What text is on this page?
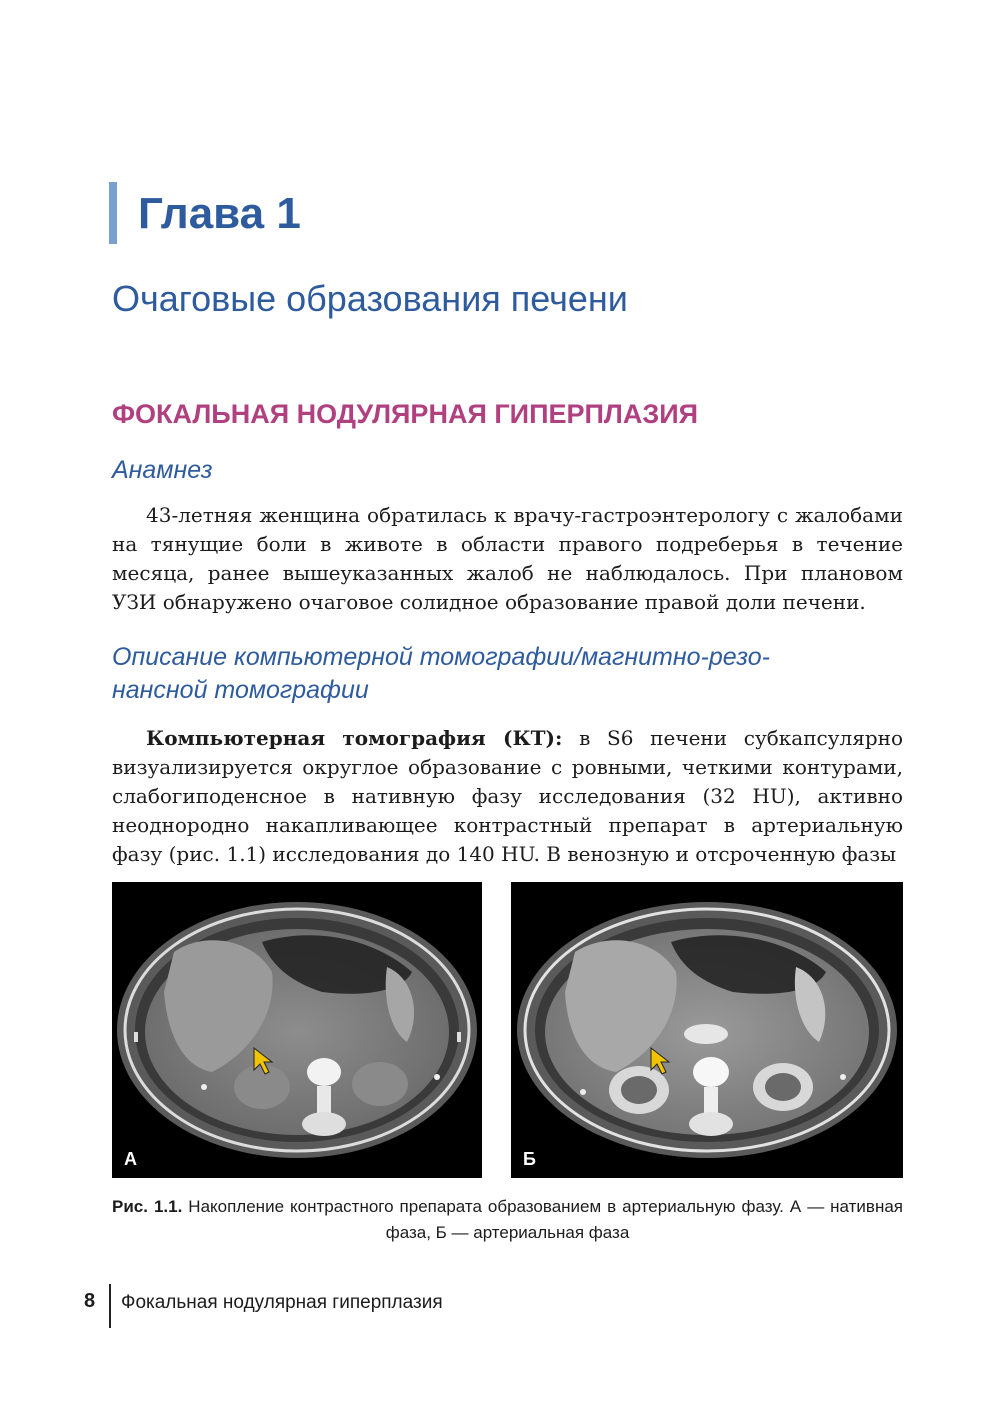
Глава 1
Очаговые образования печени
ФОКАЛЬНАЯ НОДУЛЯРНАЯ ГИПЕРПЛАЗИЯ
Анамнез

43-летняя женщина обратилась к врачу-гастроэнтерологу с жалобами на тянущие боли в животе в области правого подреберья в течение месяца, ранее вышеуказанных жалоб не наблюдалось. При плановом УЗИ обнаружено очаговое солидное образование правой доли печени.

Описание компьютерной томографии/магнитно-резо-
нансной томографии

Компьютерная томография (КТ): в S6 печени субкапсулярно визуализируется округлое образование с ровными, четкими контурами, слабогиподенсное в нативную фазу исследования (32 HU), активно неоднородно накапливающее контрастный препарат в артериальную фазу (рис. 1.1) исследования до 140 HU. В венозную и отсроченную фазы

А	Б

Рис. 1.1. Накопление контрастного препарата образованием в артериальную фазу. А — нативная фаза, Б — артериальная фаза

8 Фокальная нодулярная гиперплазия
